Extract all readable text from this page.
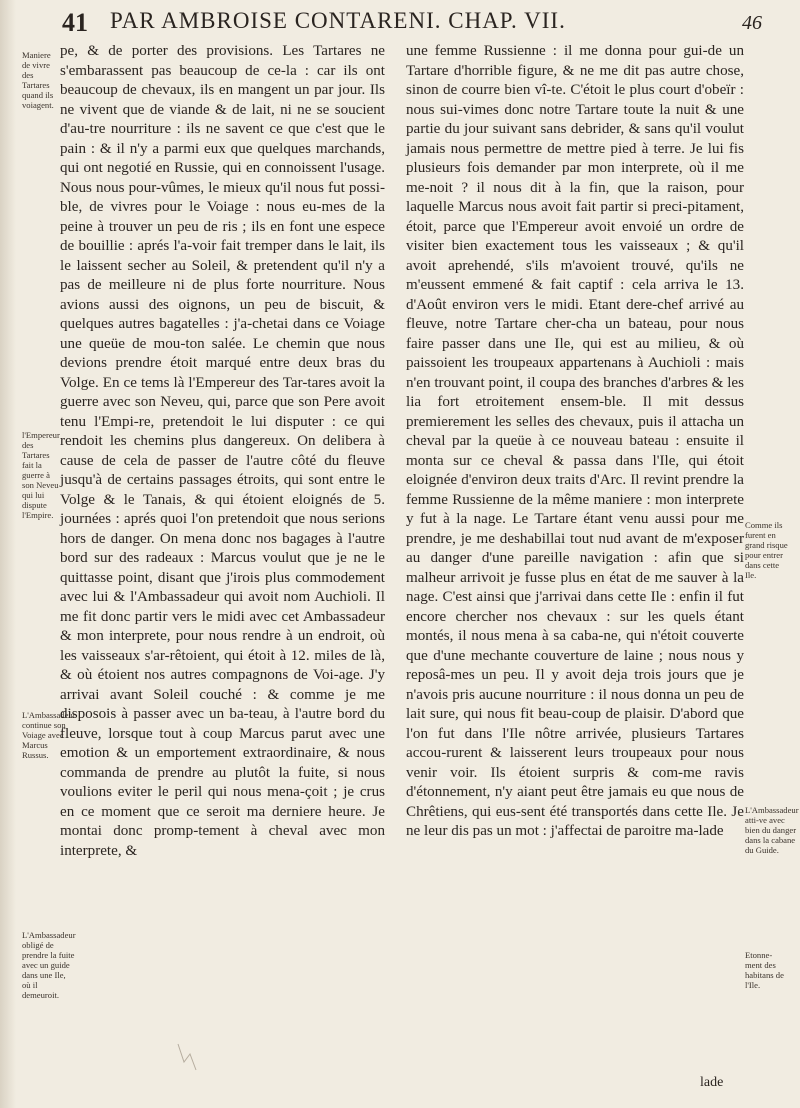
41 PAR AMBROISE CONTARENI. CHAP. VII.	46
Maniere de vivre des Tartares quand ils voiagent.
l'Empereur des Tartares fait la guerre à son Neveu qui lui dispute l'Empire.
L'Ambassadeur continue son Voiage avec Marcus Russus.
L'Ambassadeur obligé de prendre la fuite avec un guide dans une Ile, où il demeuroit.

pe, & de porter des provisions. Les Tartares ne s'embarassent pas beaucoup de ce-la : car ils ont beaucoup de chevaux, ils en mangent un par jour. Ils ne vivent que de viande & de lait, ni ne se soucient d'au-tre nourriture : ils ne savent ce que c'est que le pain : & il n'y a parmi eux que quelques marchands, qui ont negotié en Russie, qui en connoissent l'usage. Nous nous pour-vûmes, le mieux qu'il nous fut possi-ble, de vivres pour le Voiage : nous eu-mes de la peine à trouver un peu de ris ; ils en font une espece de bouillie : aprés l'a-voir fait tremper dans le lait, ils le laissent secher au Soleil, & pretendent qu'il n'y a pas de meilleure ni de plus forte nourriture. Nous avions aussi des oignons, un peu de biscuit, & quelques autres bagatelles : j'a-chetai dans ce Voiage une queüe de mou-ton salée. Le chemin que nous devions prendre étoit marqué entre deux bras du Volge. En ce tems là l'Empereur des Tar-tares avoit la guerre avec son Neveu, qui, parce que son Pere avoit tenu l'Empi-re, pretendoit le lui disputer : ce qui rendoit les chemins plus dangereux. On delibera à cause de cela de passer de l'autre côté du fleuve jusqu'à de certains passages étroits, qui sont entre le Volge & le Tanais, & qui étoient eloignés de 5. journées : aprés quoi l'on pretendoit que nous serions hors de danger. On mena donc nos bagages à l'autre bord sur des radeaux : Marcus voulut que je ne le quittasse point, disant que j'irois plus commodement avec lui & l'Ambassadeur qui avoit nom Auchioli. Il me fit donc partir vers le midi avec cet Ambassadeur & mon interprete, pour nous rendre à un endroit, où les vaisseaux s'ar-rêtoient, qui étoit à 12. miles de là, & où étoient nos autres compagnons de Voi-age. J'y arrivai avant Soleil couché : & comme je me disposois à passer avec un ba-teau, à l'autre bord du fleuve, lorsque tout à coup Marcus parut avec une emotion & un emportement extraordinaire, & nous commanda de prendre au plutôt la fuite, si nous voulions eviter le peril qui nous mena-çoit ; je crus en ce moment que ce seroit ma derniere heure. Je montai donc promp-tement à cheval avec mon interprete, &

une femme Russienne : il me donna pour gui-de un Tartare d'horrible figure, & ne me dit pas autre chose, sinon de courre bien vî-te. C'étoit le plus court d'obeïr : nous sui-vimes donc notre Tartare toute la nuit & une partie du jour suivant sans debrider, & sans qu'il voulut jamais nous permettre de mettre pied à terre. Je lui fis plusieurs fois demander par mon interprete, où il me me-noit ? il nous dit à la fin, que la raison, pour laquelle Marcus nous avoit fait partir si preci-pitament, étoit, parce que l'Empereur avoit envoié un ordre de visiter bien exactement tous les vaisseaux ; & qu'il avoit aprehendé, s'ils m'avoient trouvé, qu'ils ne m'eussent emmené & fait captif : cela arriva le 13. d'Août environ vers le midi. Etant dere-chef arrivé au fleuve, notre Tartare cher-cha un bateau, pour nous faire passer dans une Ile, qui est au milieu, & où paissoient les troupeaux appartenans à Auchioli : mais n'en trouvant point, il coupa des branches d'arbres & les lia fort etroitement ensem-ble. Il mit dessus premierement les selles des chevaux, puis il attacha un cheval par la queüe à ce nouveau bateau : ensuite il monta sur ce cheval & passa dans l'Ile, qui étoit eloignée d'environ deux traits d'Arc. Il revint prendre la femme Russienne de la même maniere : mon interprete y fut à la nage. Le Tartare étant venu aussi pour me prendre, je me deshabillai tout nud avant de m'exposer au danger d'une pareille navigation : afin que si malheur arrivoit je fusse plus en état de me sauver à la nage. C'est ainsi que j'arrivai dans cette Ile : enfin il fut encore chercher nos chevaux : sur les quels étant montés, il nous mena à sa caba-ne, qui n'étoit couverte que d'une mechante couverture de laine ; nous nous y reposâ-mes un peu. Il y avoit deja trois jours que je n'avois pris aucune nourriture : il nous donna un peu de lait sure, qui nous fit beau-coup de plaisir. D'abord que l'on fut dans l'Ile nôtre arrivée, plusieurs Tartares accou-rurent & laisserent leurs troupeaux pour nous venir voir. Ils étoient surpris & com-me ravis d'étonnement, n'y aiant peut être jamais eu que nous de Chrêtiens, qui eus-sent été transportés dans cette Ile. Je ne leur dis pas un mot : j'affectai de paroitre ma-lade

Comme ils furent en grand risque pour entrer dans cette Ile.
L'Ambassadeur atti-ve avec bien du danger dans la cabane du Guide.
Etonne-ment des habitans de l'Ile.
lade
